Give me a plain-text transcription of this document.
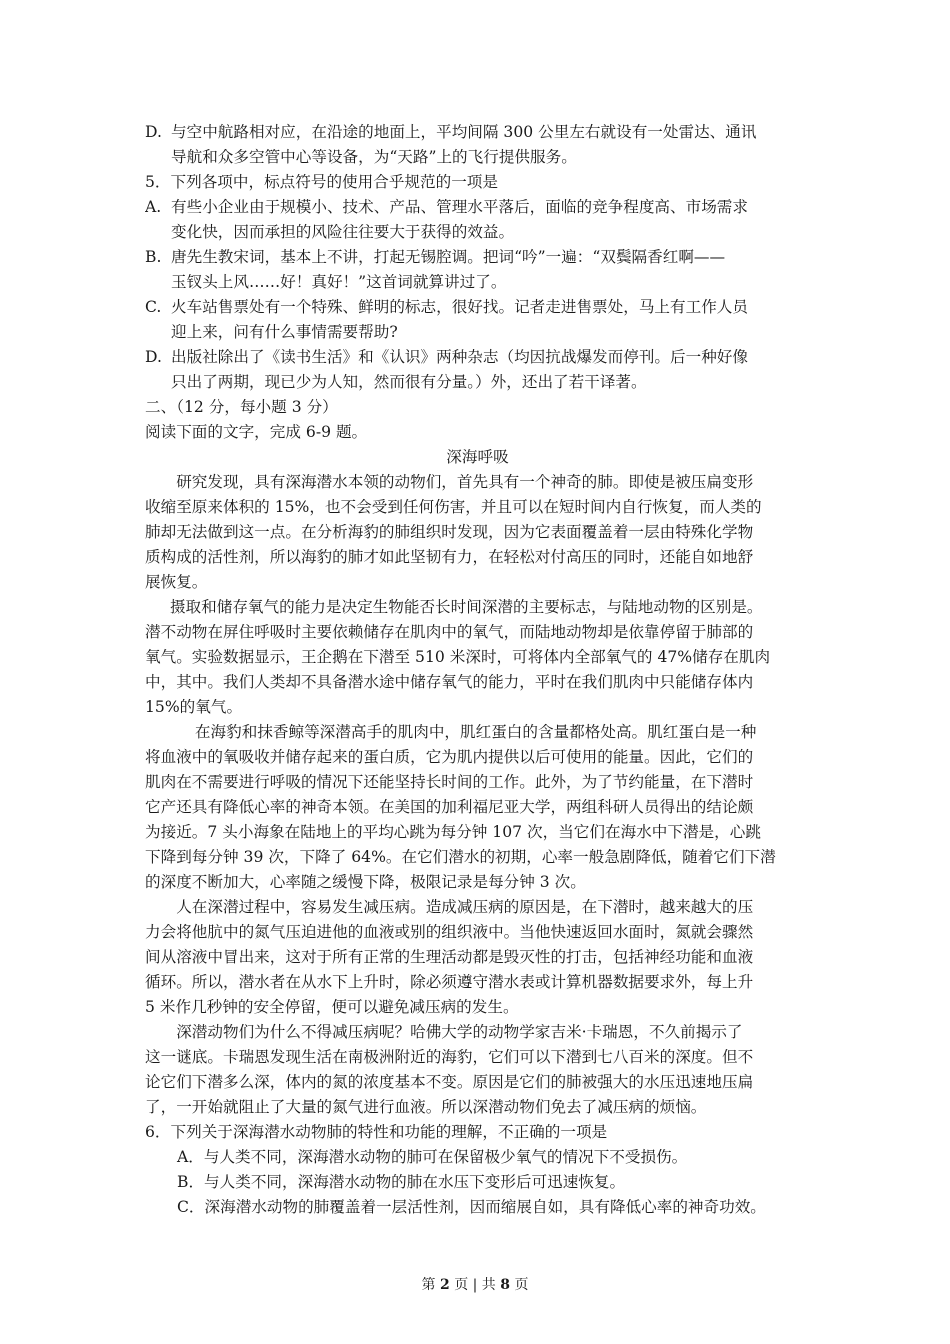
D. 与空中航路相对应，在沿途的地面上，平均间隔 300 公里左右就设有一处雷达、通讯
导航和众多空管中心等设备，为“天路”上的飞行提供服务。
5．下列各项中，标点符号的使用合乎规范的一项是
A. 有些小企业由于规模小、技术、产品、管理水平落后，面临的竞争程度高、市场需求
变化快，因而承担的风险往往要大于获得的效益。
B. 唐先生教宋词，基本上不讲，打起无锡腔调。把词“吟”一遍：“双鬓隔香红啊——
玉钗头上风……好！真好！”这首词就算讲过了。
C. 火车站售票处有一个特殊、鲜明的标志，很好找。记者走进售票处，马上有工作人员
迎上来，问有什么事情需要帮助?
D. 出版社除出了《读书生活》和《认识》两种杂志（均因抗战爆发而停刊。后一种好像
只出了两期，现已少为人知，然而很有分量。）外，还出了若干译著。
二、（12 分，每小题 3 分）
阅读下面的文字，完成 6-9 题。
深海呼吸
研究发现，具有深海潜水本领的动物们，首先具有一个神奇的肺。即使是被压扁变形
收缩至原来体积的 15%，也不会受到任何伤害，并且可以在短时间内自行恢复，而人类的
肺却无法做到这一点。在分析海豹的肺组织时发现，因为它表面覆盖着一层由特殊化学物
质构成的活性剂，所以海豹的肺才如此坚韧有力，在轻松对付高压的同时，还能自如地舒
展恢复。
摄取和储存氧气的能力是决定生物能否长时间深潜的主要标志，与陆地动物的区别是。
潜不动物在屏住呼吸时主要依赖储存在肌肉中的氧气，而陆地动物却是依靠停留于肺部的
氧气。实验数据显示，王企鹅在下潜至 510 米深时，可将体内全部氧气的 47%储存在肌肉
中，其中。我们人类却不具备潜水途中储存氧气的能力，平时在我们肌肉中只能储存体内
15%的氧气。
在海豹和抹香鲸等深潜高手的肌肉中，肌红蛋白的含量都格处高。肌红蛋白是一种
将血液中的氧吸收并储存起来的蛋白质，它为肌内提供以后可使用的能量。因此，它们的
肌肉在不需要进行呼吸的情况下还能坚持长时间的工作。此外，为了节约能量，在下潜时
它产还具有降低心率的神奇本领。在美国的加利福尼亚大学，两组科研人员得出的结论颇
为接近。7 头小海象在陆地上的平均心跳为每分钟 107 次，当它们在海水中下潜是，心跳
下降到每分钟 39 次，下降了 64%。在它们潜水的初期，心率一般急剧降低，随着它们下潜
的深度不断加大，心率随之缓慢下降，极限记录是每分钟 3 次。
人在深潜过程中，容易发生减压病。造成减压病的原因是，在下潜时，越来越大的压
力会将他肮中的氮气压迫进他的血液或别的组织液中。当他快速返回水面时，氮就会骤然
间从溶液中冒出来，这对于所有正常的生理活动都是毁灭性的打击，包括神经功能和血液
循环。所以，潜水者在从水下上升时，除必须遵守潜水表或计算机器数据要求外，每上升
5 米作几秒钟的安全停留，便可以避免减压病的发生。
深潜动物们为什么不得减压病呢？哈佛大学的动物学家吉米·卡瑞恩，不久前揭示了
这一谜底。卡瑞恩发现生活在南极洲附近的海豹，它们可以下潜到七八百米的深度。但不
论它们下潜多么深，体内的氮的浓度基本不变。原因是它们的肺被强大的水压迅速地压扁
了，一开始就阻止了大量的氮气进行血液。所以深潜动物们免去了减压病的烦恼。
6．下列关于深海潜水动物肺的特性和功能的理解，不正确的一项是
A．与人类不同，深海潜水动物的肺可在保留极少氧气的情况下不受损伤。
B．与人类不同，深海潜水动物的肺在水压下变形后可迅速恢复。
C．深海潜水动物的肺覆盖着一层活性剂，因而缩展自如，具有降低心率的神奇功效。
第 2 页 | 共 8 页
